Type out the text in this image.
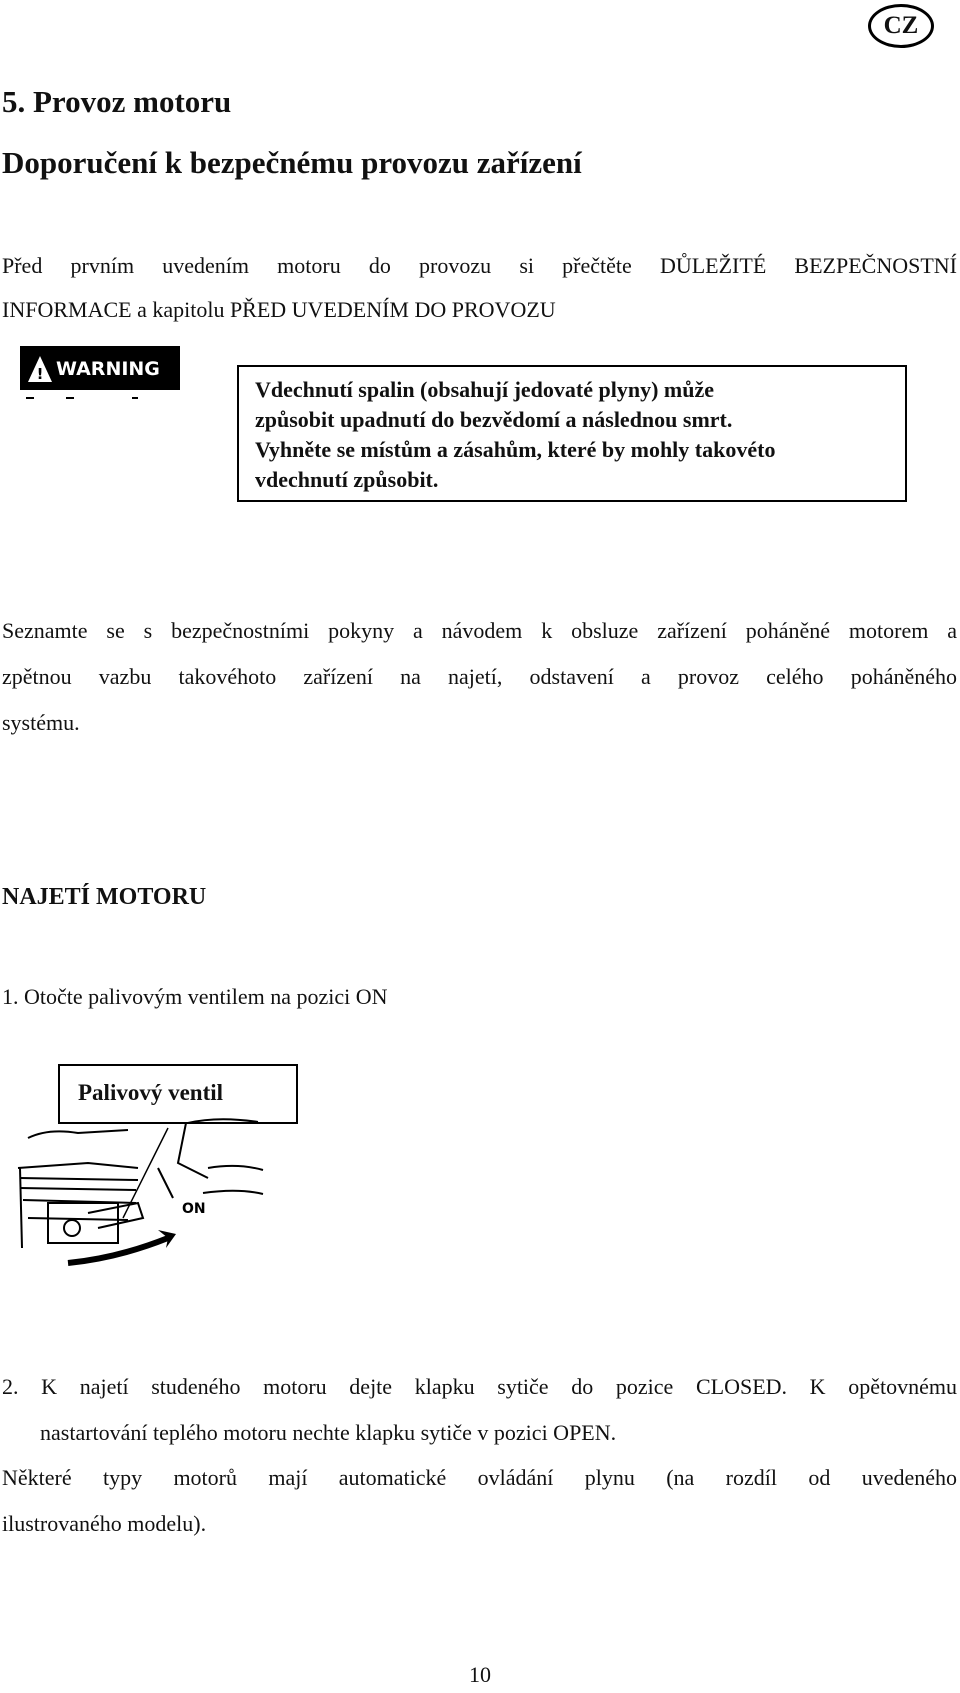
CZ
5. Provoz motoru
Doporučení k bezpečnému provozu zařízení
Před prvním uvedením motoru do provozu si přečtěte DŮLEŽITÉ BEZPEČNOSTNÍ
INFORMACE a kapitolu PŘED UVEDENÍM DO PROVOZU
! WARNING
Vdechnutí spalin (obsahují jedovaté plyny) může
způsobit upadnutí do bezvědomí a následnou smrt.
Vyhněte se místům a zásahům, které by mohly takovéto
vdechnutí způsobit.
Seznamte se s bezpečnostními pokyny a návodem k obsluze zařízení poháněné motorem a
zpětnou vazbu takovéhoto zařízení na najetí, odstavení a provoz celého poháněného
systému.
NAJETÍ MOTORU
1. Otočte palivovým ventilem na pozici ON
ON
Palivový ventil
2. K najetí studeného motoru dejte klapku sytiče do pozice CLOSED. K opětovnému
nastartování teplého motoru nechte klapku sytiče v pozici OPEN.
Některé typy motorů mají automatické ovládání plynu (na rozdíl od uvedeného
ilustrovaného modelu).
10
